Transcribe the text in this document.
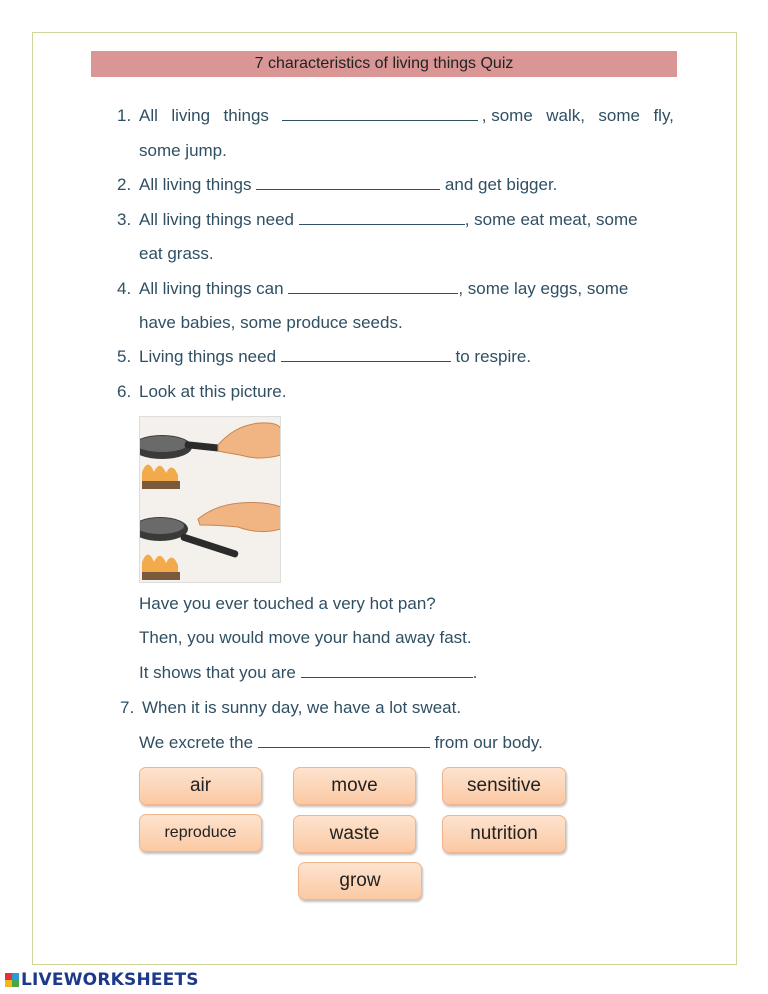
7 characteristics of living things Quiz
1. All living things	, some walk, some fly,
some jump.
2. All living things	and get bigger.
3. All living things need	, some eat meat, some
eat grass.
4. All living things can	, some lay eggs, some
have babies, some produce seeds.
5. Living things need	to respire.
6. Look at this picture.
Have you ever touched a very hot pan?
Then, you would move your hand away fast.
It shows that you are	.
7. When it is sunny day, we have a lot sweat.
We excrete the	from our body.
air	move	sensitive
reproduce	waste	nutrition
grow
LIVEWORKSHEETS
